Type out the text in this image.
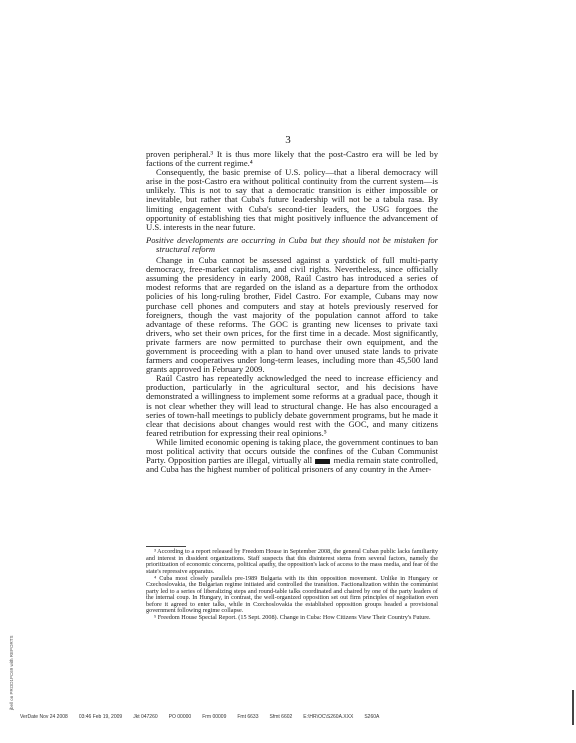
3

proven peripheral.³ It is thus more likely that the post-Castro era will be led by factions of the current regime.⁴

Consequently, the basic premise of U.S. policy—that a liberal democracy will arise in the post-Castro era without political continuity from the current system—is unlikely. This is not to say that a democratic transition is either impossible or inevitable, but rather that Cuba's future leadership will not be a tabula rasa. By limiting engagement with Cuba's second-tier leaders, the USG forgoes the opportunity of establishing ties that might positively influence the advancement of U.S. interests in the near future.

Positive developments are occurring in Cuba but they should not be mistaken for structural reform

Change in Cuba cannot be assessed against a yardstick of full multi-party democracy, free-market capitalism, and civil rights. Nevertheless, since officially assuming the presidency in early 2008, Raúl Castro has introduced a series of modest reforms that are regarded on the island as a departure from the orthodox policies of his long-ruling brother, Fidel Castro. For example, Cubans may now purchase cell phones and computers and stay at hotels previously reserved for foreigners, though the vast majority of the population cannot afford to take advantage of these reforms. The GOC is granting new licenses to private taxi drivers, who set their own prices, for the first time in a decade. Most significantly, private farmers are now permitted to purchase their own equipment, and the government is proceeding with a plan to hand over unused state lands to private farmers and cooperatives under long-term leases, including more than 45,500 land grants approved in February 2009.

Raúl Castro has repeatedly acknowledged the need to increase efficiency and production, particularly in the agricultural sector, and his decisions have demonstrated a willingness to implement some reforms at a gradual pace, though it is not clear whether they will lead to structural change. He has also encouraged a series of town-hall meetings to publicly debate government programs, but he made it clear that decisions about changes would rest with the GOC, and many citizens feared retribution for expressing their real opinions.⁵

While limited economic opening is taking place, the government continues to ban most political activity that occurs outside the confines of the Cuban Communist Party. Opposition parties are illegal, virtually all	media remain state controlled, and Cuba has the highest number of political prisoners of any country in the Amer-

³ According to a report released by Freedom House in September 2008, the general Cuban public lacks familiarity and interest in dissident organizations. Staff suspects that this disinterest stems from several factors, namely the prioritization of economic concerns, political apathy, the opposition's lack of access to the mass media, and fear of the state's repressive apparatus.

⁴ Cuba most closely parallels pre-1989 Bulgaria with its thin opposition movement. Unlike in Hungary or Czechoslovakia, the Bulgarian regime initiated and controlled the transition. Factionalization within the communist party led to a series of liberalizing steps and round-table talks coordinated and chaired by one of the party leaders of the internal coup. In Hungary, in contrast, the well-organized opposition set out firm principles of negotiation even before it agreed to enter talks, while in Czechoslovakia the established opposition groups headed a provisional government following regime collapse.

⁵ Freedom House Special Report. (15 Sept. 2008). Change in Cuba: How Citizens View Their Country's Future.

jbell on PROD1PC69 with REPORTS
VerDate Nov 24 2008 03:46 Feb 19, 2009 Jkt 047260 PO 00000 Frm 00009 Fmt 6633 Sfmt 6602 E:\HR\OC\S260A.XXX S260A
